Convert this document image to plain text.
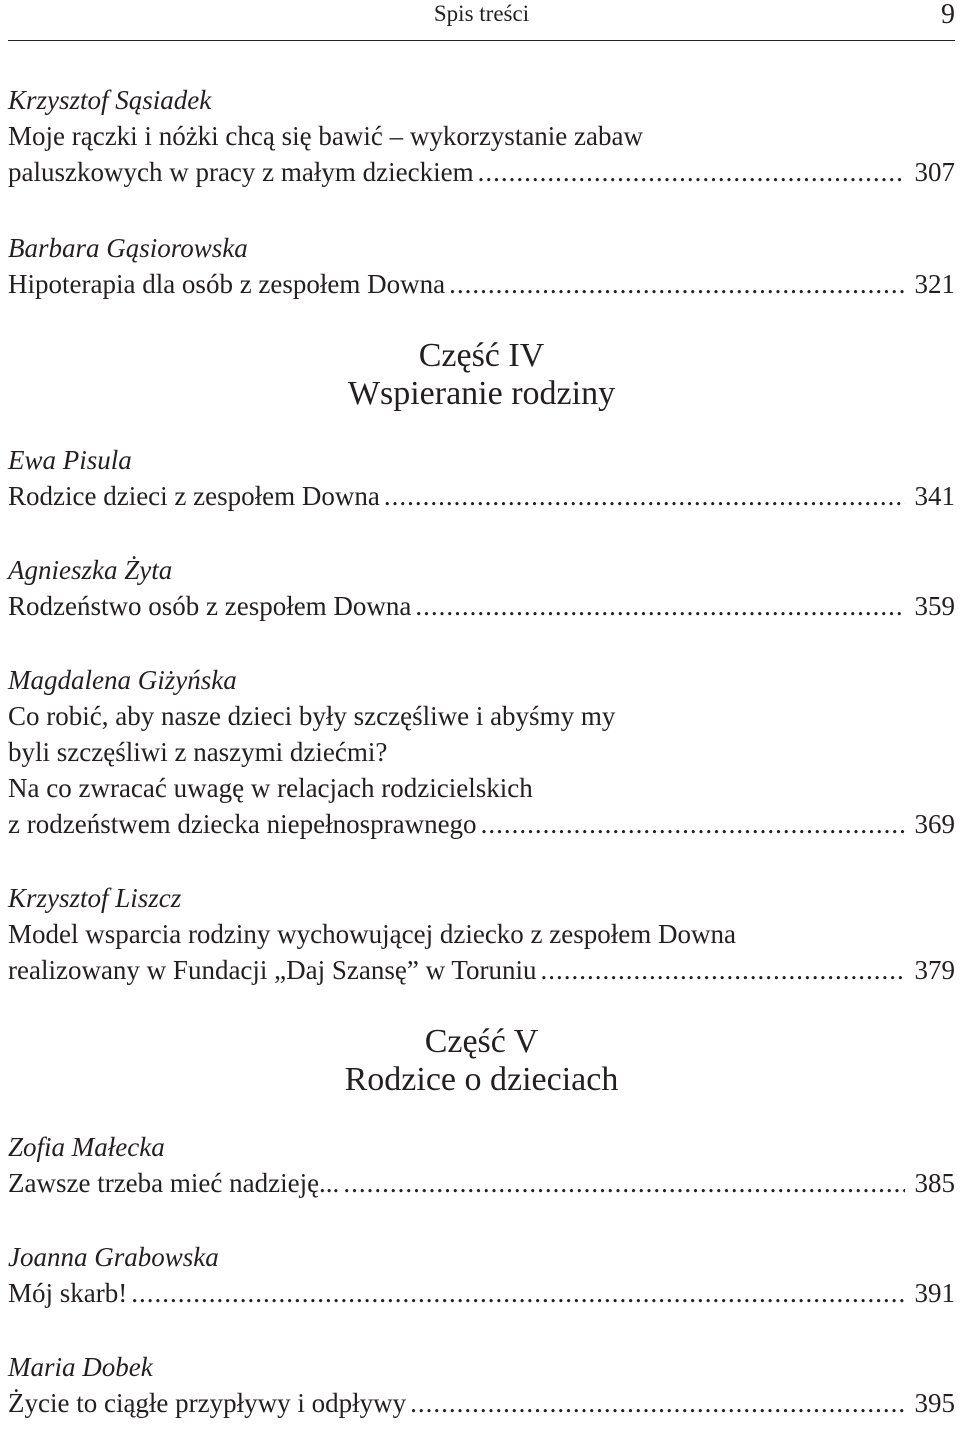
Spis treści	9
Krzysztof Sąsiadek
Moje rączki i nóżki chcą się bawić – wykorzystanie zabaw
paluszkowych w pracy z małym dzieckiem .....	307
Barbara Gąsiorowska
Hipoterapia dla osób z zespołem Downa .....	321
Część IV
Wspieranie rodziny
Ewa Pisula
Rodzice dzieci z zespołem Downa .....	341
Agnieszka Żyta
Rodzeństwo osób z zespołem Downa .....	359
Magdalena Giżyńska
Co robić, aby nasze dzieci były szczęśliwe i abyśmy my
byli szczęśliwi z naszymi dziećmi?
Na co zwracać uwagę w relacjach rodzicielskich
z rodzeństwem dziecka niepełnosprawnego .....	369
Krzysztof Liszcz
Model wsparcia rodziny wychowującej dziecko z zespołem Downa
realizowany w Fundacji „Daj Szansę” w Toruniu .....	379
Część V
Rodzice o dzieciach
Zofia Małecka
Zawsze trzeba mieć nadzieję... .....	385
Joanna Grabowska
Mój skarb! .....	391
Maria Dobek
Życie to ciągłe przypływy i odpływy .....	395
